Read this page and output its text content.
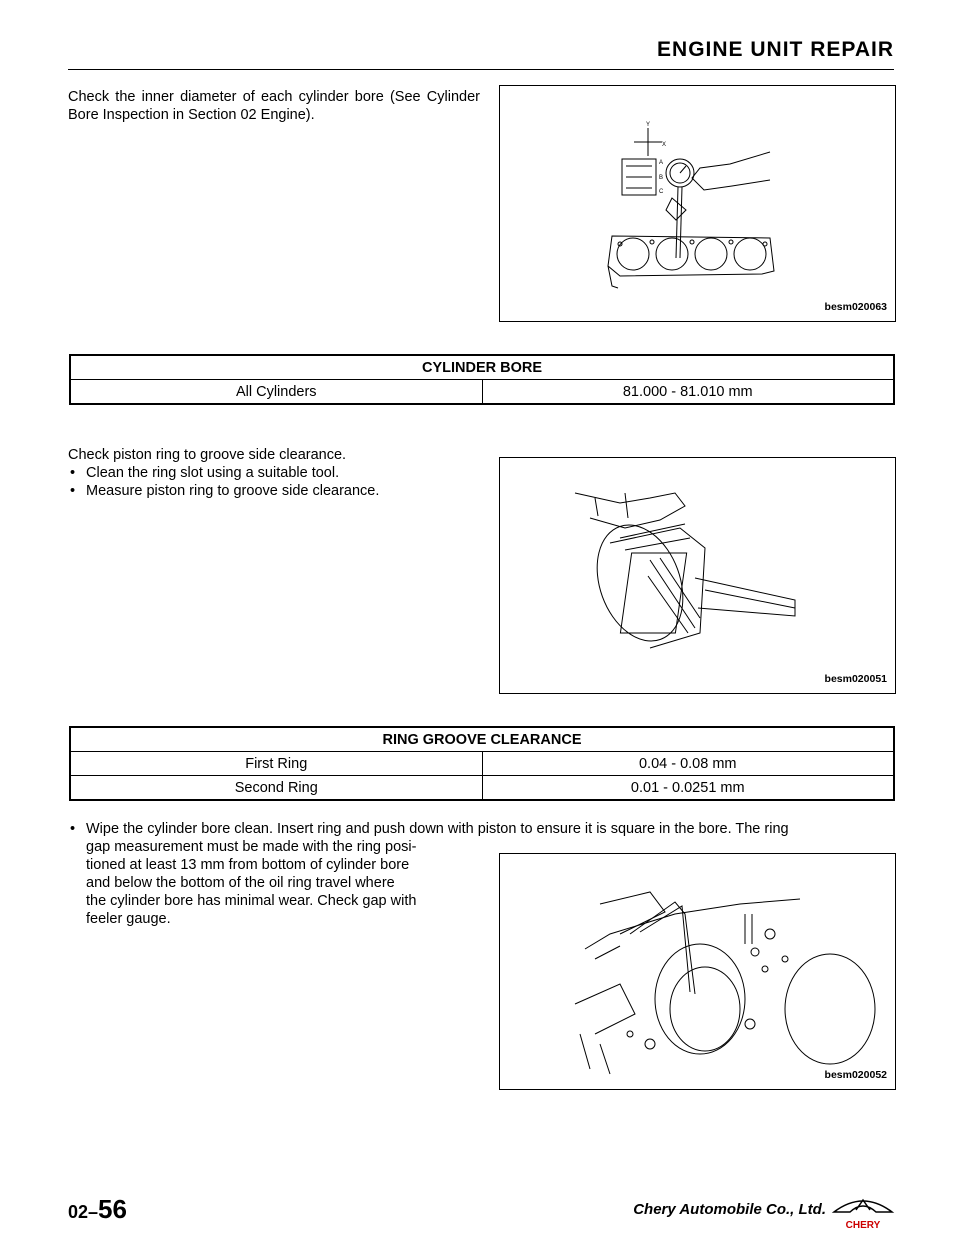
ENGINE UNIT REPAIR
Check the inner diameter of each cylinder bore (See Cylinder Bore Inspection in Section 02 Engine).
Y
X
A
B
C
besm020063
CYLINDER BORE
All Cylinders	81.000 - 81.010 mm
Check piston ring to groove side clearance.
• Clean the ring slot using a suitable tool.
• Measure piston ring to groove side clearance.
besm020051
RING GROOVE CLEARANCE	
First Ring	0.04 - 0.08 mm
Second Ring	0.01 - 0.0251 mm
• Wipe the cylinder bore clean. Insert ring and push down with piston to ensure it is square in the bore. The ring
gap measurement must be made with the ring posi-
tioned at least 13 mm from bottom of cylinder bore
and below the bottom of the oil ring travel where
the cylinder bore has minimal wear. Check gap with
feeler gauge.
besm020052
02–56	Chery Automobile Co., Ltd.
CHERY
